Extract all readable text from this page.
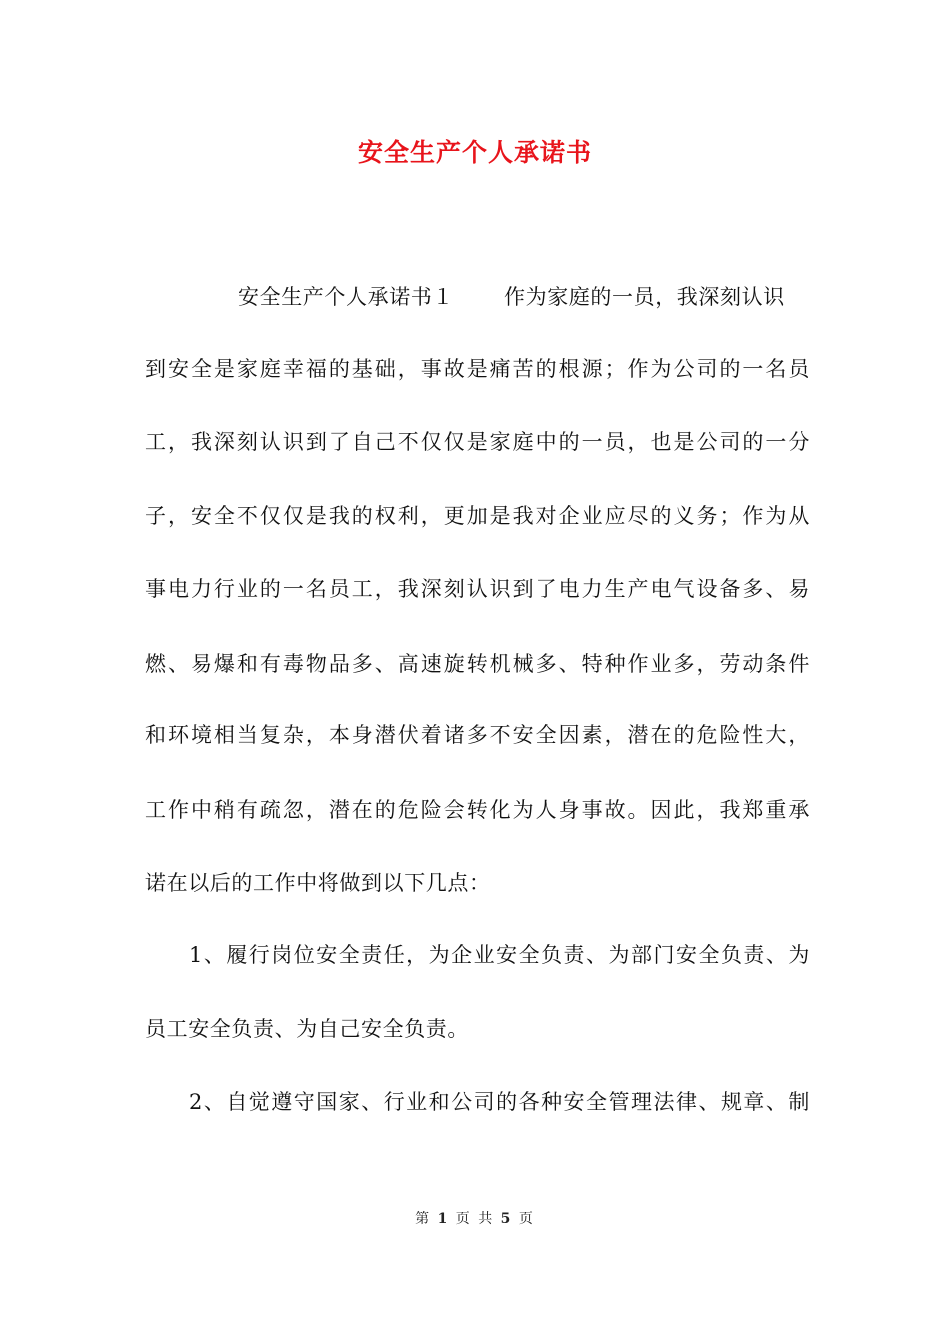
安全生产个人承诺书
安全生产个人承诺书１ 作为家庭的一员，我深刻认识
到安全是家庭幸福的基础，事故是痛苦的根源；作为公司的一名员
工，我深刻认识到了自己不仅仅是家庭中的一员，也是公司的一分
子，安全不仅仅是我的权利，更加是我对企业应尽的义务；作为从
事电力行业的一名员工，我深刻认识到了电力生产电气设备多、易
燃、易爆和有毒物品多、高速旋转机械多、特种作业多，劳动条件
和环境相当复杂，本身潜伏着诸多不安全因素，潜在的危险性大，
工作中稍有疏忽，潜在的危险会转化为人身事故。因此，我郑重承
诺在以后的工作中将做到以下几点：
1、履行岗位安全责任，为企业安全负责、为部门安全负责、为
员工安全负责、为自己安全负责。
2、自觉遵守国家、行业和公司的各种安全管理法律、规章、制
第 1 页 共 5 页
